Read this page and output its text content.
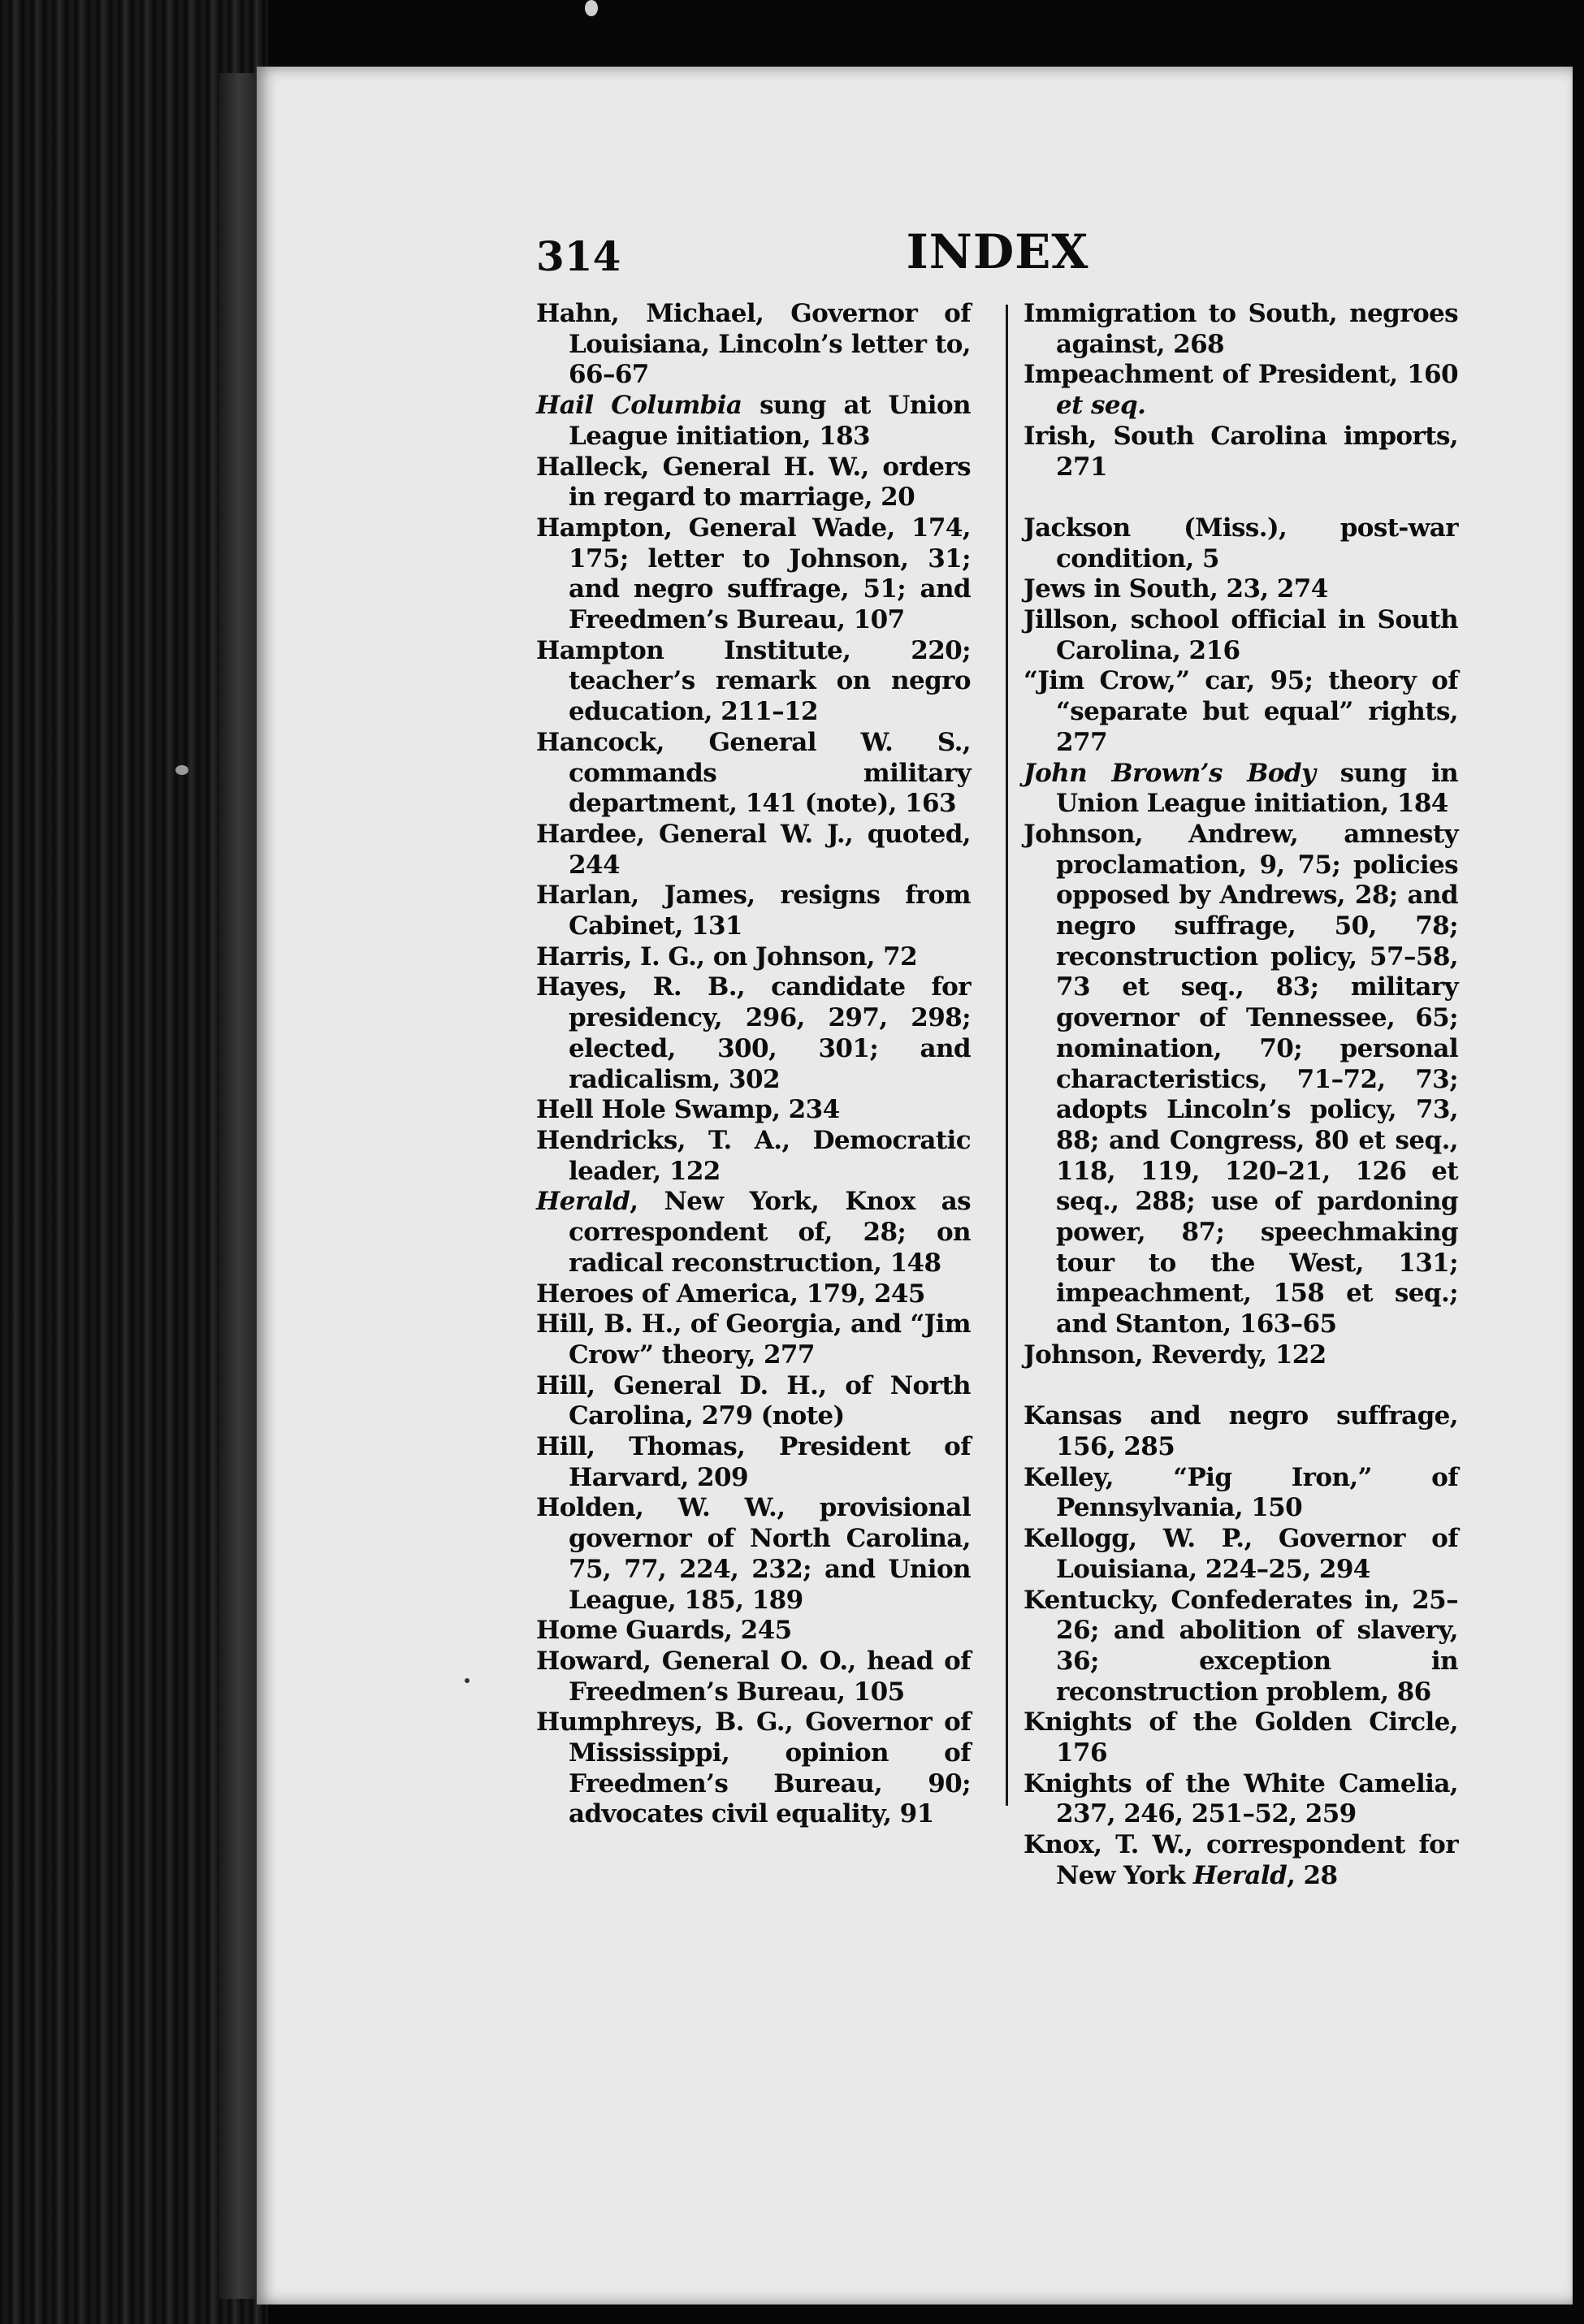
314	INDEX

Hahn, Michael, Governor of Louisiana, Lincoln’s letter to, 66–67

Hail Columbia sung at Union League initiation, 183

Halleck, General H. W., orders in regard to marriage, 20

Hampton, General Wade, 174, 175; letter to Johnson, 31; and negro suffrage, 51; and Freedmen’s Bureau, 107

Hampton Institute, 220; teacher’s remark on negro education, 211–12

Hancock, General W. S., commands military department, 141 (note), 163

Hardee, General W. J., quoted, 244

Harlan, James, resigns from Cabinet, 131

Harris, I. G., on Johnson, 72

Hayes, R. B., candidate for presidency, 296, 297, 298; elected, 300, 301; and radicalism, 302

Hell Hole Swamp, 234

Hendricks, T. A., Democratic leader, 122

Herald, New York, Knox as correspondent of, 28; on radical reconstruction, 148

Heroes of America, 179, 245

Hill, B. H., of Georgia, and “Jim Crow” theory, 277

Hill, General D. H., of North Carolina, 279 (note)

Hill, Thomas, President of Harvard, 209

Holden, W. W., provisional governor of North Carolina, 75, 77, 224, 232; and Union League, 185, 189

Home Guards, 245

Howard, General O. O., head of Freedmen’s Bureau, 105

Humphreys, B. G., Governor of Mississippi, opinion of Freedmen’s Bureau, 90; advocates civil equality, 91

Immigration to South, negroes against, 268

Impeachment of President, 160 et seq.

Irish, South Carolina imports, 271

Jackson (Miss.), post-war condition, 5

Jews in South, 23, 274

Jillson, school official in South Carolina, 216

“Jim Crow,” car, 95; theory of “separate but equal” rights, 277

John Brown’s Body sung in Union League initiation, 184

Johnson, Andrew, amnesty proclamation, 9, 75; policies opposed by Andrews, 28; and negro suffrage, 50, 78; reconstruction policy, 57–58, 73 et seq., 83; military governor of Tennessee, 65; nomination, 70; personal characteristics, 71–72, 73; adopts Lincoln’s policy, 73, 88; and Congress, 80 et seq., 118, 119, 120–21, 126 et seq., 288; use of pardoning power, 87; speechmaking tour to the West, 131; impeachment, 158 et seq.; and Stanton, 163–65

Johnson, Reverdy, 122

Kansas and negro suffrage, 156, 285

Kelley, “Pig Iron,” of Pennsylvania, 150

Kellogg, W. P., Governor of Louisiana, 224–25, 294

Kentucky, Confederates in, 25–26; and abolition of slavery, 36; exception in reconstruction problem, 86

Knights of the Golden Circle, 176

Knights of the White Camelia, 237, 246, 251–52, 259

Knox, T. W., correspondent for New York Herald, 28
